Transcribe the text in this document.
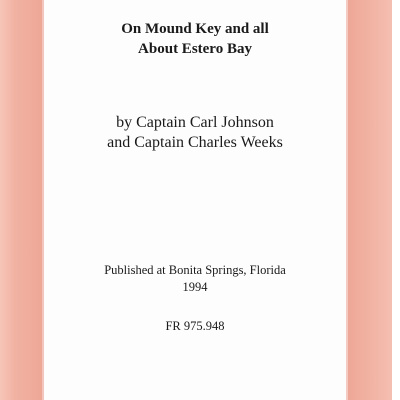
On Mound Key and all
About Estero Bay
by Captain Carl Johnson
and Captain Charles Weeks
Published at Bonita Springs, Florida
1994
FR 975.948
